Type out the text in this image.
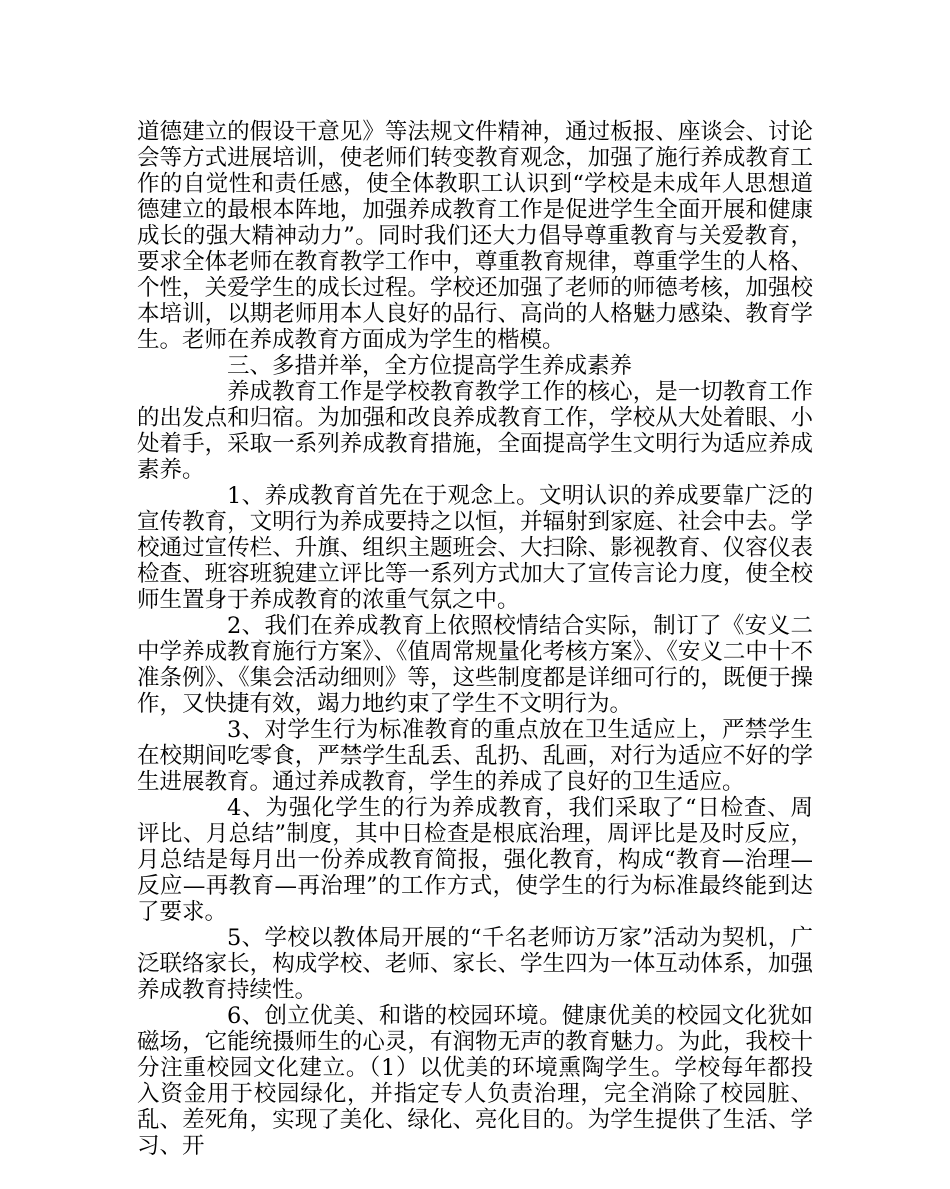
道德建立的假设干意见》等法规文件精神，通过板报、座谈会、讨论会等方式进展培训，使老师们转变教育观念，加强了施行养成教育工作的自觉性和责任感，使全体教职工认识到“学校是未成年人思想道德建立的最根本阵地，加强养成教育工作是促进学生全面开展和健康成长的强大精神动力”。同时我们还大力倡导尊重教育与关爱教育，要求全体老师在教育教学工作中，尊重教育规律，尊重学生的人格、个性，关爱学生的成长过程。学校还加强了老师的师德考核，加强校本培训，以期老师用本人良好的品行、高尚的人格魅力感染、教育学生。老师在养成教育方面成为学生的楷模。

三、多措并举，全方位提高学生养成素养

养成教育工作是学校教育教学工作的核心，是一切教育工作的出发点和归宿。为加强和改良养成教育工作，学校从大处着眼、小处着手，采取一系列养成教育措施，全面提高学生文明行为适应养成素养。

1、养成教育首先在于观念上。文明认识的养成要靠广泛的宣传教育，文明行为养成要持之以恒，并辐射到家庭、社会中去。学校通过宣传栏、升旗、组织主题班会、大扫除、影视教育、仪容仪表检查、班容班貌建立评比等一系列方式加大了宣传言论力度，使全校师生置身于养成教育的浓重气氛之中。

2、我们在养成教育上依照校情结合实际，制订了《安义二中学养成教育施行方案》、《值周常规量化考核方案》、《安义二中十不准条例》、《集会活动细则》等，这些制度都是详细可行的，既便于操作，又快捷有效，竭力地约束了学生不文明行为。

3、对学生行为标准教育的重点放在卫生适应上，严禁学生在校期间吃零食，严禁学生乱丢、乱扔、乱画，对行为适应不好的学生进展教育。通过养成教育，学生的养成了良好的卫生适应。

4、为强化学生的行为养成教育，我们采取了“日检查、周评比、月总结”制度，其中日检查是根底治理，周评比是及时反应，月总结是每月出一份养成教育简报，强化教育，构成“教育—治理—反应—再教育—再治理”的工作方式，使学生的行为标准最终能到达了要求。

5、学校以教体局开展的“千名老师访万家”活动为契机，广泛联络家长，构成学校、老师、家长、学生四为一体互动体系，加强养成教育持续性。

6、创立优美、和谐的校园环境。健康优美的校园文化犹如磁场，它能统摄师生的心灵，有润物无声的教育魅力。为此，我校十分注重校园文化建立。（1）以优美的环境熏陶学生。学校每年都投入资金用于校园绿化，并指定专人负责治理，完全消除了校园脏、乱、差死角，实现了美化、绿化、亮化目的。为学生提供了生活、学习、开
